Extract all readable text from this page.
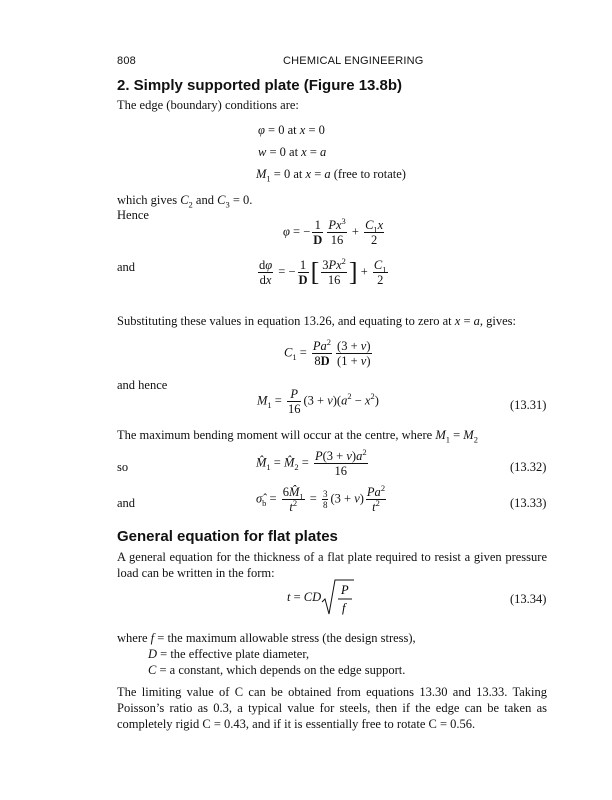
808	CHEMICAL ENGINEERING
2. Simply supported plate (Figure 13.8b)
The edge (boundary) conditions are:
φ = 0 at x = 0
w = 0 at x = a
$M_1 = 0$ at x = a (free to rotate)
which gives $C_2$ and $C_3 = 0$.
Hence
φ = − $\frac{1}{D} \frac{Px^3}{16} + \frac{C_1x}{2}$
and	$\frac{d\varphi}{dx}$ = − $\frac{1}{D}$ [ $\frac{3Px^2}{16}$ ] + $\frac{C_1}{2}$
Substituting these values in equation 13.26, and equating to zero at x = a, gives:
$C_1 = \frac{Pa^2}{8D} \frac{(3 + \nu)}{(1 + \nu)}$
and hence
$M_1 = \frac{P}{16} (3 + \nu)(a^2 - x^2)$	(13.31)
The maximum bending moment will occur at the centre, where $M_1 = M_2$
so	$M̂_1$ = $M̂_2 = \frac{P(3 + \nu)a^2}{16}$	(13.32)
and	$\sigmâ_b = \frac{6M̂_1}{t^2} = \frac{3}{8} (3 + \nu) \frac{Pa^2}{t^2}$	(13.33)
General equation for flat plates
A general equation for the thickness of a flat plate required to resist a given pressure load can be written in the form:
t = CD P
f
(13.34)
where f = the maximum allowable stress (the design stress),
D = the effective plate diameter,
C = a constant, which depends on the edge support.
The limiting value of C can be obtained from equations 13.30 and 13.33. Taking Poisson’s ratio as 0.3, a typical value for steels, then if the edge can be taken as completely rigid C = 0.43, and if it is essentially free to rotate C = 0.56.
